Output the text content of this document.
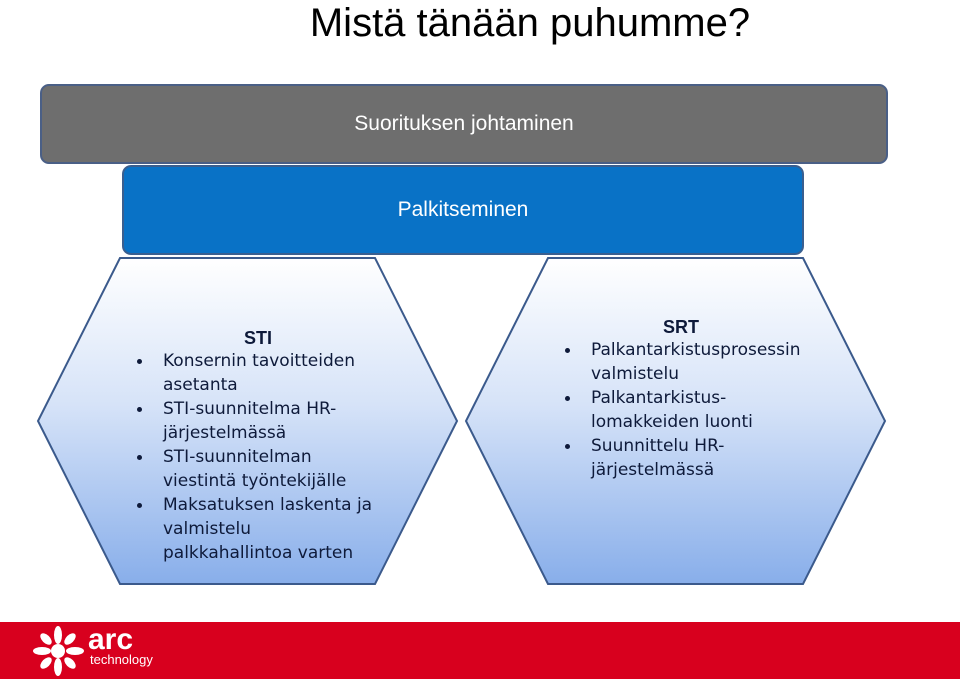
Mistä tänään puhumme?
Suorituksen johtaminen
Palkitseminen
STI
Konsernin tavoitteiden asetanta
STI-suunnitelma HR-järjestelmässä
STI-suunnitelman viestintä työntekijälle
Maksatuksen laskenta ja valmistelu palkkahallintoa varten
SRT
Palkantarkistusprosessin valmistelu
Palkantarkistus-lomakkeiden luonti
Suunnittelu HR-järjestelmässä
arc
technology
